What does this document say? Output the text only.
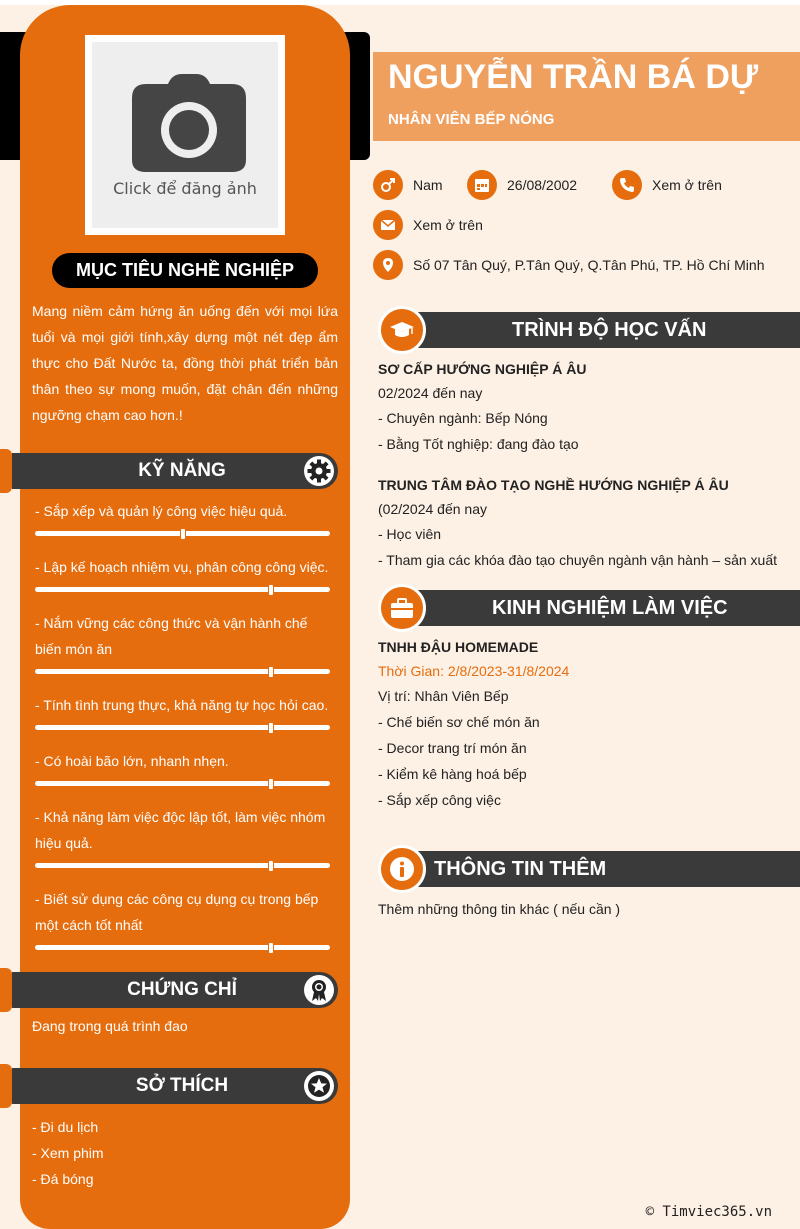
Click để đăng ảnh
MỤC TIÊU NGHỀ NGHIỆP
Mang niềm cảm hứng ăn uống đến với mọi lứa tuổi và mọi giới tính,xây dựng một nét đẹp ẩm thực cho Đất Nước ta, đồng thời phát triển bản thân theo sự mong muốn, đặt chân đến những ngưỡng chạm cao hơn.!
KỸ NĂNG
- Sắp xếp và quản lý công việc hiệu quả.
- Lập kế hoạch nhiệm vụ, phân công công việc.
- Nắm vững các công thức và vận hành chế biến món ăn
- Tính tình trung thực, khả năng tự học hỏi cao.
- Có hoài bão lớn, nhanh nhẹn.
- Khả năng làm việc độc lập tốt, làm việc nhóm hiệu quả.
- Biết sử dụng các công cụ dụng cụ trong bếp một cách tốt nhất
CHỨNG CHỈ
Đang trong quá trình đao
SỞ THÍCH
- Đi du lịch
- Xem phim
- Đá bóng
NGUYỄN TRẦN BÁ DỰ
NHÂN VIÊN BẾP NÓNG
Nam	26/08/2002	Xem ở trên
Xem ở trên
Số 07 Tân Quý, P.Tân Quý, Q.Tân Phú, TP. Hồ Chí Minh
TRÌNH ĐỘ HỌC VẤN
SƠ CẤP HƯỚNG NGHIỆP Á ÂU
02/2024 đến nay
- Chuyên ngành: Bếp Nóng
- Bằng Tốt nghiệp: đang đào tạo
TRUNG TÂM ĐÀO TẠO NGHỀ HƯỚNG NGHIỆP Á ÂU
(02/2024 đến nay
- Học viên
- Tham gia các khóa đào tạo chuyên ngành vận hành – sản xuất
KINH NGHIỆM LÀM VIỆC
TNHH ĐẬU HOMEMADE
Thời Gian: 2/8/2023-31/8/2024
Vị trí: Nhân Viên Bếp
- Chế biến sơ chế món ăn
- Decor trang trí món ăn
- Kiểm kê hàng hoá bếp
- Sắp xếp công việc
THÔNG TIN THÊM
Thêm những thông tin khác ( nếu cần )
© Timviec365.vn
